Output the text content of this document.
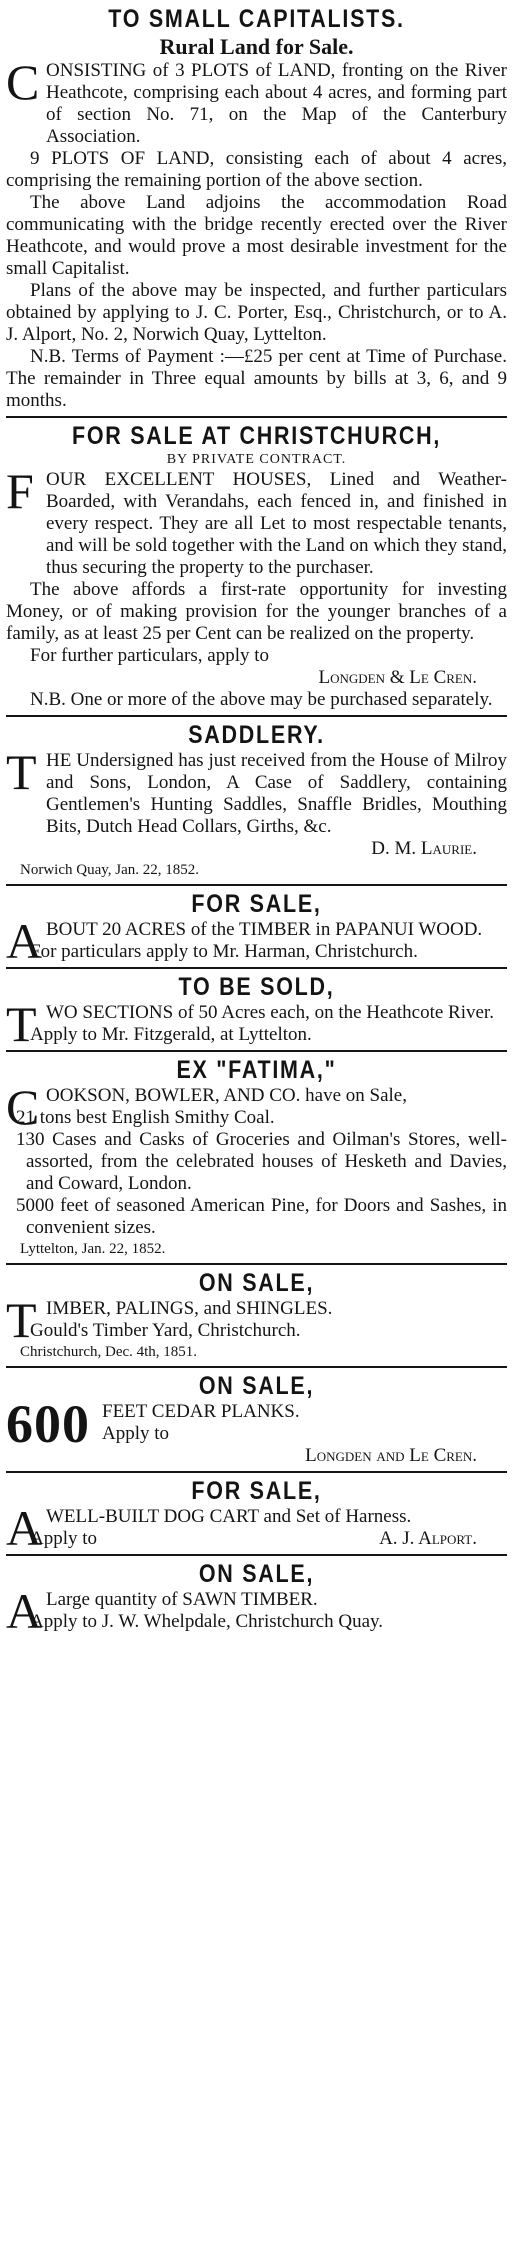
TO SMALL CAPITALISTS.
Rural Land for Sale.

C ONSISTING of 3 PLOTS of LAND, fronting on the River Heathcote, comprising each about 4 acres, and forming part of section No. 71, on the Map of the Canterbury Association.

9 PLOTS OF LAND, consisting each of about 4 acres, comprising the remaining portion of the above section.

The above Land adjoins the accommodation Road communicating with the bridge recently erected over the River Heathcote, and would prove a most desirable investment for the small Capitalist.

Plans of the above may be inspected, and further particulars obtained by applying to J. C. Porter, Esq., Christchurch, or to A. J. Alport, No. 2, Norwich Quay, Lyttelton.

N.B. Terms of Payment :—£25 per cent at Time of Purchase. The remainder in Three equal amounts by bills at 3, 6, and 9 months.

FOR SALE AT CHRISTCHURCH,
BY PRIVATE CONTRACT.

F OUR EXCELLENT HOUSES, Lined and Weather-Boarded, with Verandahs, each fenced in, and finished in every respect. They are all Let to most respectable tenants, and will be sold together with the Land on which they stand, thus securing the property to the purchaser.

The above affords a first-rate opportunity for investing Money, or of making provision for the younger branches of a family, as at least 25 per Cent can be realized on the property.

For further particulars, apply to

Longden & Le Cren.

N.B. One or more of the above may be purchased separately.

SADDLERY.

T HE Undersigned has just received from the House of Milroy and Sons, London, A Case of Saddlery, containing Gentlemen's Hunting Saddles, Snaffle Bridles, Mouthing Bits, Dutch Head Collars, Girths, &c.

D. M. Laurie.
Norwich Quay, Jan. 22, 1852.
FOR SALE,

A BOUT 20 ACRES of the TIMBER in PAPANUI WOOD.

For particulars apply to Mr. Harman, Christchurch.

TO BE SOLD,

T WO SECTIONS of 50 Acres each, on the Heathcote River.

Apply to Mr. Fitzgerald, at Lyttelton.

EX "FATIMA,"

C OOKSON, BOWLER, AND CO. have on Sale,

21 tons best English Smithy Coal.

130 Cases and Casks of Groceries and Oilman's Stores, well-assorted, from the celebrated houses of Hesketh and Davies, and Coward, London.

5000 feet of seasoned American Pine, for Doors and Sashes, in convenient sizes.

Lyttelton, Jan. 22, 1852.
ON SALE,

T IMBER, PALINGS, and SHINGLES.

Gould's Timber Yard, Christchurch.

Christchurch, Dec. 4th, 1851.
ON SALE,

600 FEET CEDAR PLANKS.
Apply to

Longden and Le Cren.
FOR SALE,

A WELL-BUILT DOG CART and Set of Harness.

Apply to	A. J. Alport.

ON SALE,

A Large quantity of SAWN TIMBER.

Apply to J. W. Whelpdale, Christchurch Quay.
